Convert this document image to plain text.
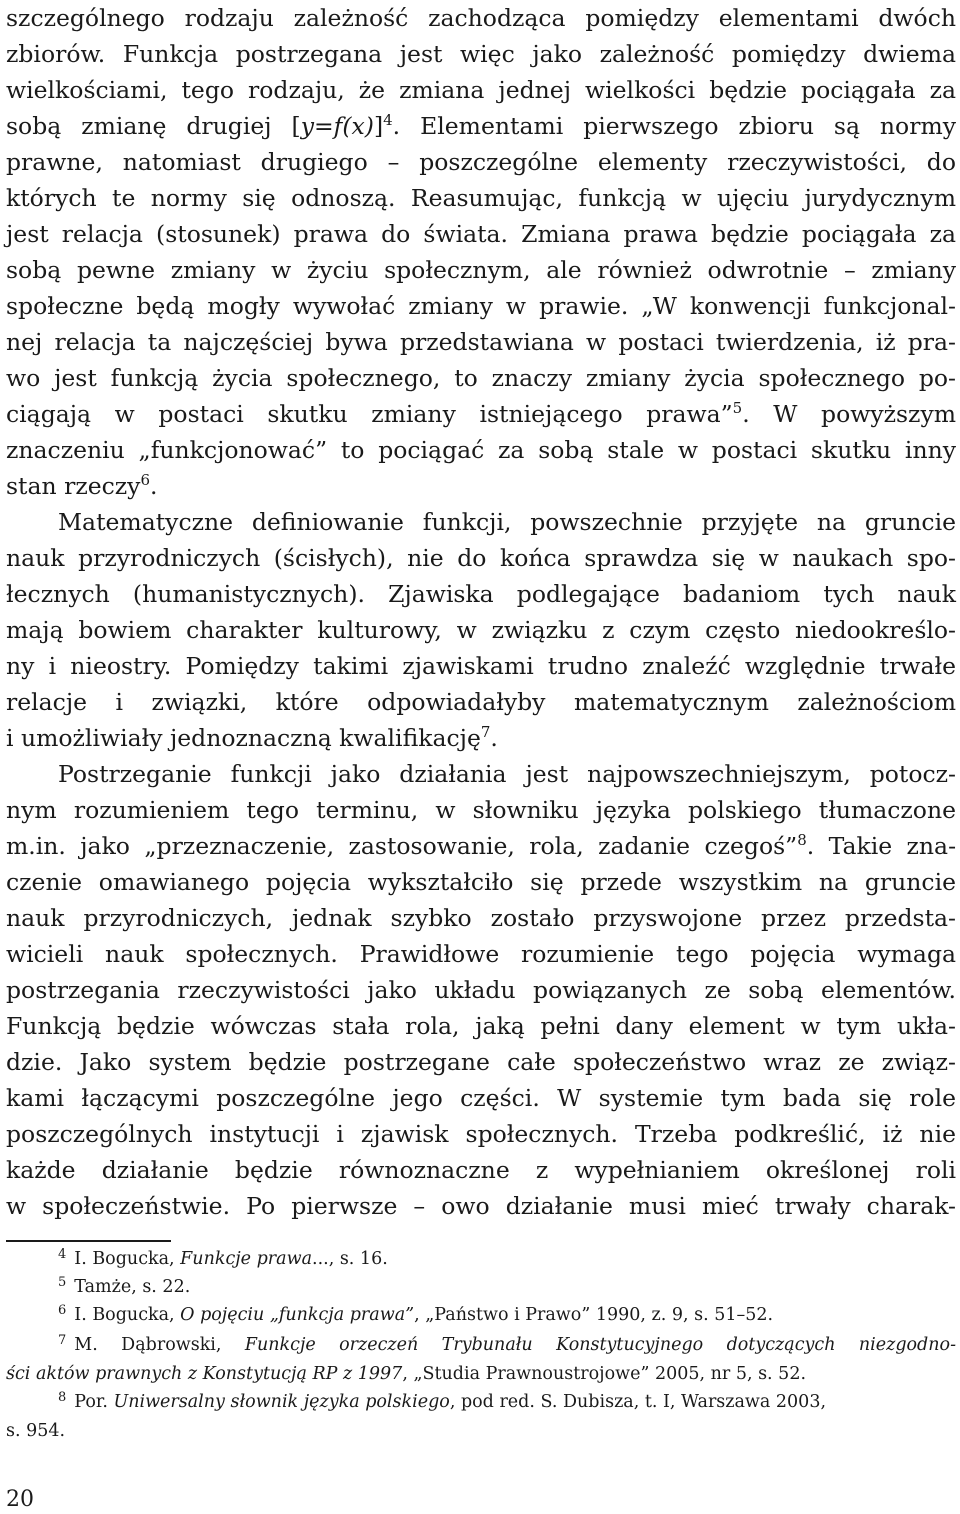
szczególnego rodzaju zależność zachodząca pomiędzy elementami dwóch
zbiorów. Funkcja postrzegana jest więc jako zależność pomiędzy dwiema
wielkościami, tego rodzaju, że zmiana jednej wielkości będzie pociągała za
sobą zmianę drugiej [y=f(x)]$^4$. Elementami pierwszego zbioru są normy
prawne, natomiast drugiego – poszczególne elementy rzeczywistości, do
których te normy się odnoszą. Reasumując, funkcją w ujęciu jurydycznym
jest relacja (stosunek) prawa do świata. Zmiana prawa będzie pociągała za
sobą pewne zmiany w życiu społecznym, ale również odwrotnie – zmiany
społeczne będą mogły wywołać zmiany w prawie. „W konwencji funkcjonal-
nej relacja ta najczęściej bywa przedstawiana w postaci twierdzenia, iż pra-
wo jest funkcją życia społecznego, to znaczy zmiany życia społecznego po-
ciągają w postaci skutku zmiany istniejącego prawa”$^5$. W powyższym
znaczeniu „funkcjonować” to pociągać za sobą stale w postaci skutku inny
stan rzeczy$^6$.
Matematyczne definiowanie funkcji, powszechnie przyjęte na gruncie
nauk przyrodniczych (ścisłych), nie do końca sprawdza się w naukach spo-
łecznych (humanistycznych). Zjawiska podlegające badaniom tych nauk
mają bowiem charakter kulturowy, w związku z czym często niedookreślo-
ny i nieostry. Pomiędzy takimi zjawiskami trudno znaleźć względnie trwałe
relacje i związki, które odpowiadałyby matematycznym zależnościom
i umożliwiały jednoznaczną kwalifikację$^7$.
Postrzeganie funkcji jako działania jest najpowszechniejszym, potocz-
nym rozumieniem tego terminu, w słowniku języka polskiego tłumaczone
m.in. jako „przeznaczenie, zastosowanie, rola, zadanie czegoś”$^8$. Takie zna-
czenie omawianego pojęcia wykształciło się przede wszystkim na gruncie
nauk przyrodniczych, jednak szybko zostało przyswojone przez przedsta-
wicieli nauk społecznych. Prawidłowe rozumienie tego pojęcia wymaga
postrzegania rzeczywistości jako układu powiązanych ze sobą elementów.
Funkcją będzie wówczas stała rola, jaką pełni dany element w tym ukła-
dzie. Jako system będzie postrzegane całe społeczeństwo wraz ze związ-
kami łączącymi poszczególne jego części. W systemie tym bada się role
poszczególnych instytucji i zjawisk społecznych. Trzeba podkreślić, iż nie
każde działanie będzie równoznaczne z wypełnianiem określonej roli
w społeczeństwie. Po pierwsze – owo działanie musi mieć trwały charak-
$^4$ I. Bogucka, Funkcje prawa..., s. 16.
$^5$ Tamże, s. 22.
$^6$ I. Bogucka, O pojęciu „funkcja prawa”, „Państwo i Prawo” 1990, z. 9, s. 51–52.
$^7$ M. Dąbrowski, Funkcje orzeczeń Trybunału Konstytucyjnego dotyczących niezgodno-
ści aktów prawnych z Konstytucją RP z 1997, „Studia Prawnoustrojowe” 2005, nr 5, s. 52.
$^8$ Por. Uniwersalny słownik języka polskiego, pod red. S. Dubisza, t. I, Warszawa 2003,
s. 954.
20
